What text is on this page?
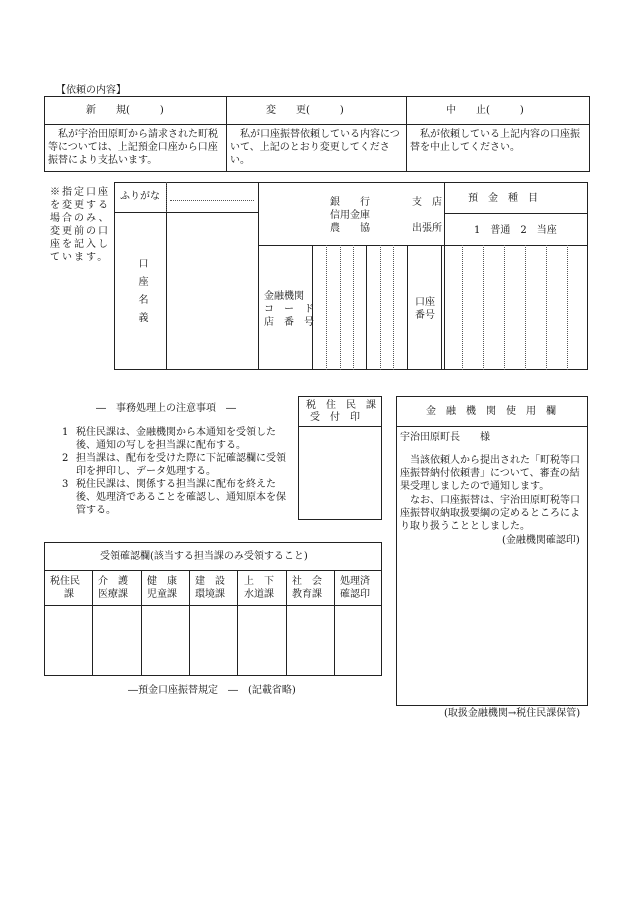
【依頼の内容】
新　　規(　　　)	変　　更(　　　)	中　　止(　　　)
　私が宇治田原町から請求された町税等については、上記預金口座から口座振替により支払います。
　私が口座振替依頼している内容について、上記のとおり変更してください。
　私が依頼している上記内容の口座振替を中止してください。
※指定口座を変更する場合のみ、変更前の口座を記入しています。
ふりがな
口座名義
銀　　行
信用金庫
農　　協
支　店
出張所
預　金　種　目
1　普通　2　当座
金融機関
コ　ー　ド
店　番　号
口座
番号
―　事務処理上の注意事項　―
1 税住民課は、金融機関から本通知を受領した後、通知の写しを担当課に配布する。
2 担当課は、配布を受けた際に下記確認欄に受領印を押印し、データ処理する。
3 税住民課は、関係する担当課に配布を終えた後、処理済であることを確認し、通知原本を保管する。
税住民課
受付印
金　融　機　関　使　用　欄
宇治田原町長　　様
当該依頼人から提出された「町税等口座振替納付依頼書」について、審査の結果受理しましたので通知します。
なお、口座振替は、宇治田原町税等口座振替収納取扱要綱の定めるところにより取り扱うこととしました。
(金融機関確認印)
受領確認欄(該当する担当課のみ受領すること)
税住民
課
介　護
医療課
健　康
児童課
建　設
環境課
上　下
水道課
社　会
教育課
処理済
確認印
―預金口座振替規定　―　(記載省略)
(取扱金融機関→税住民課保管)
